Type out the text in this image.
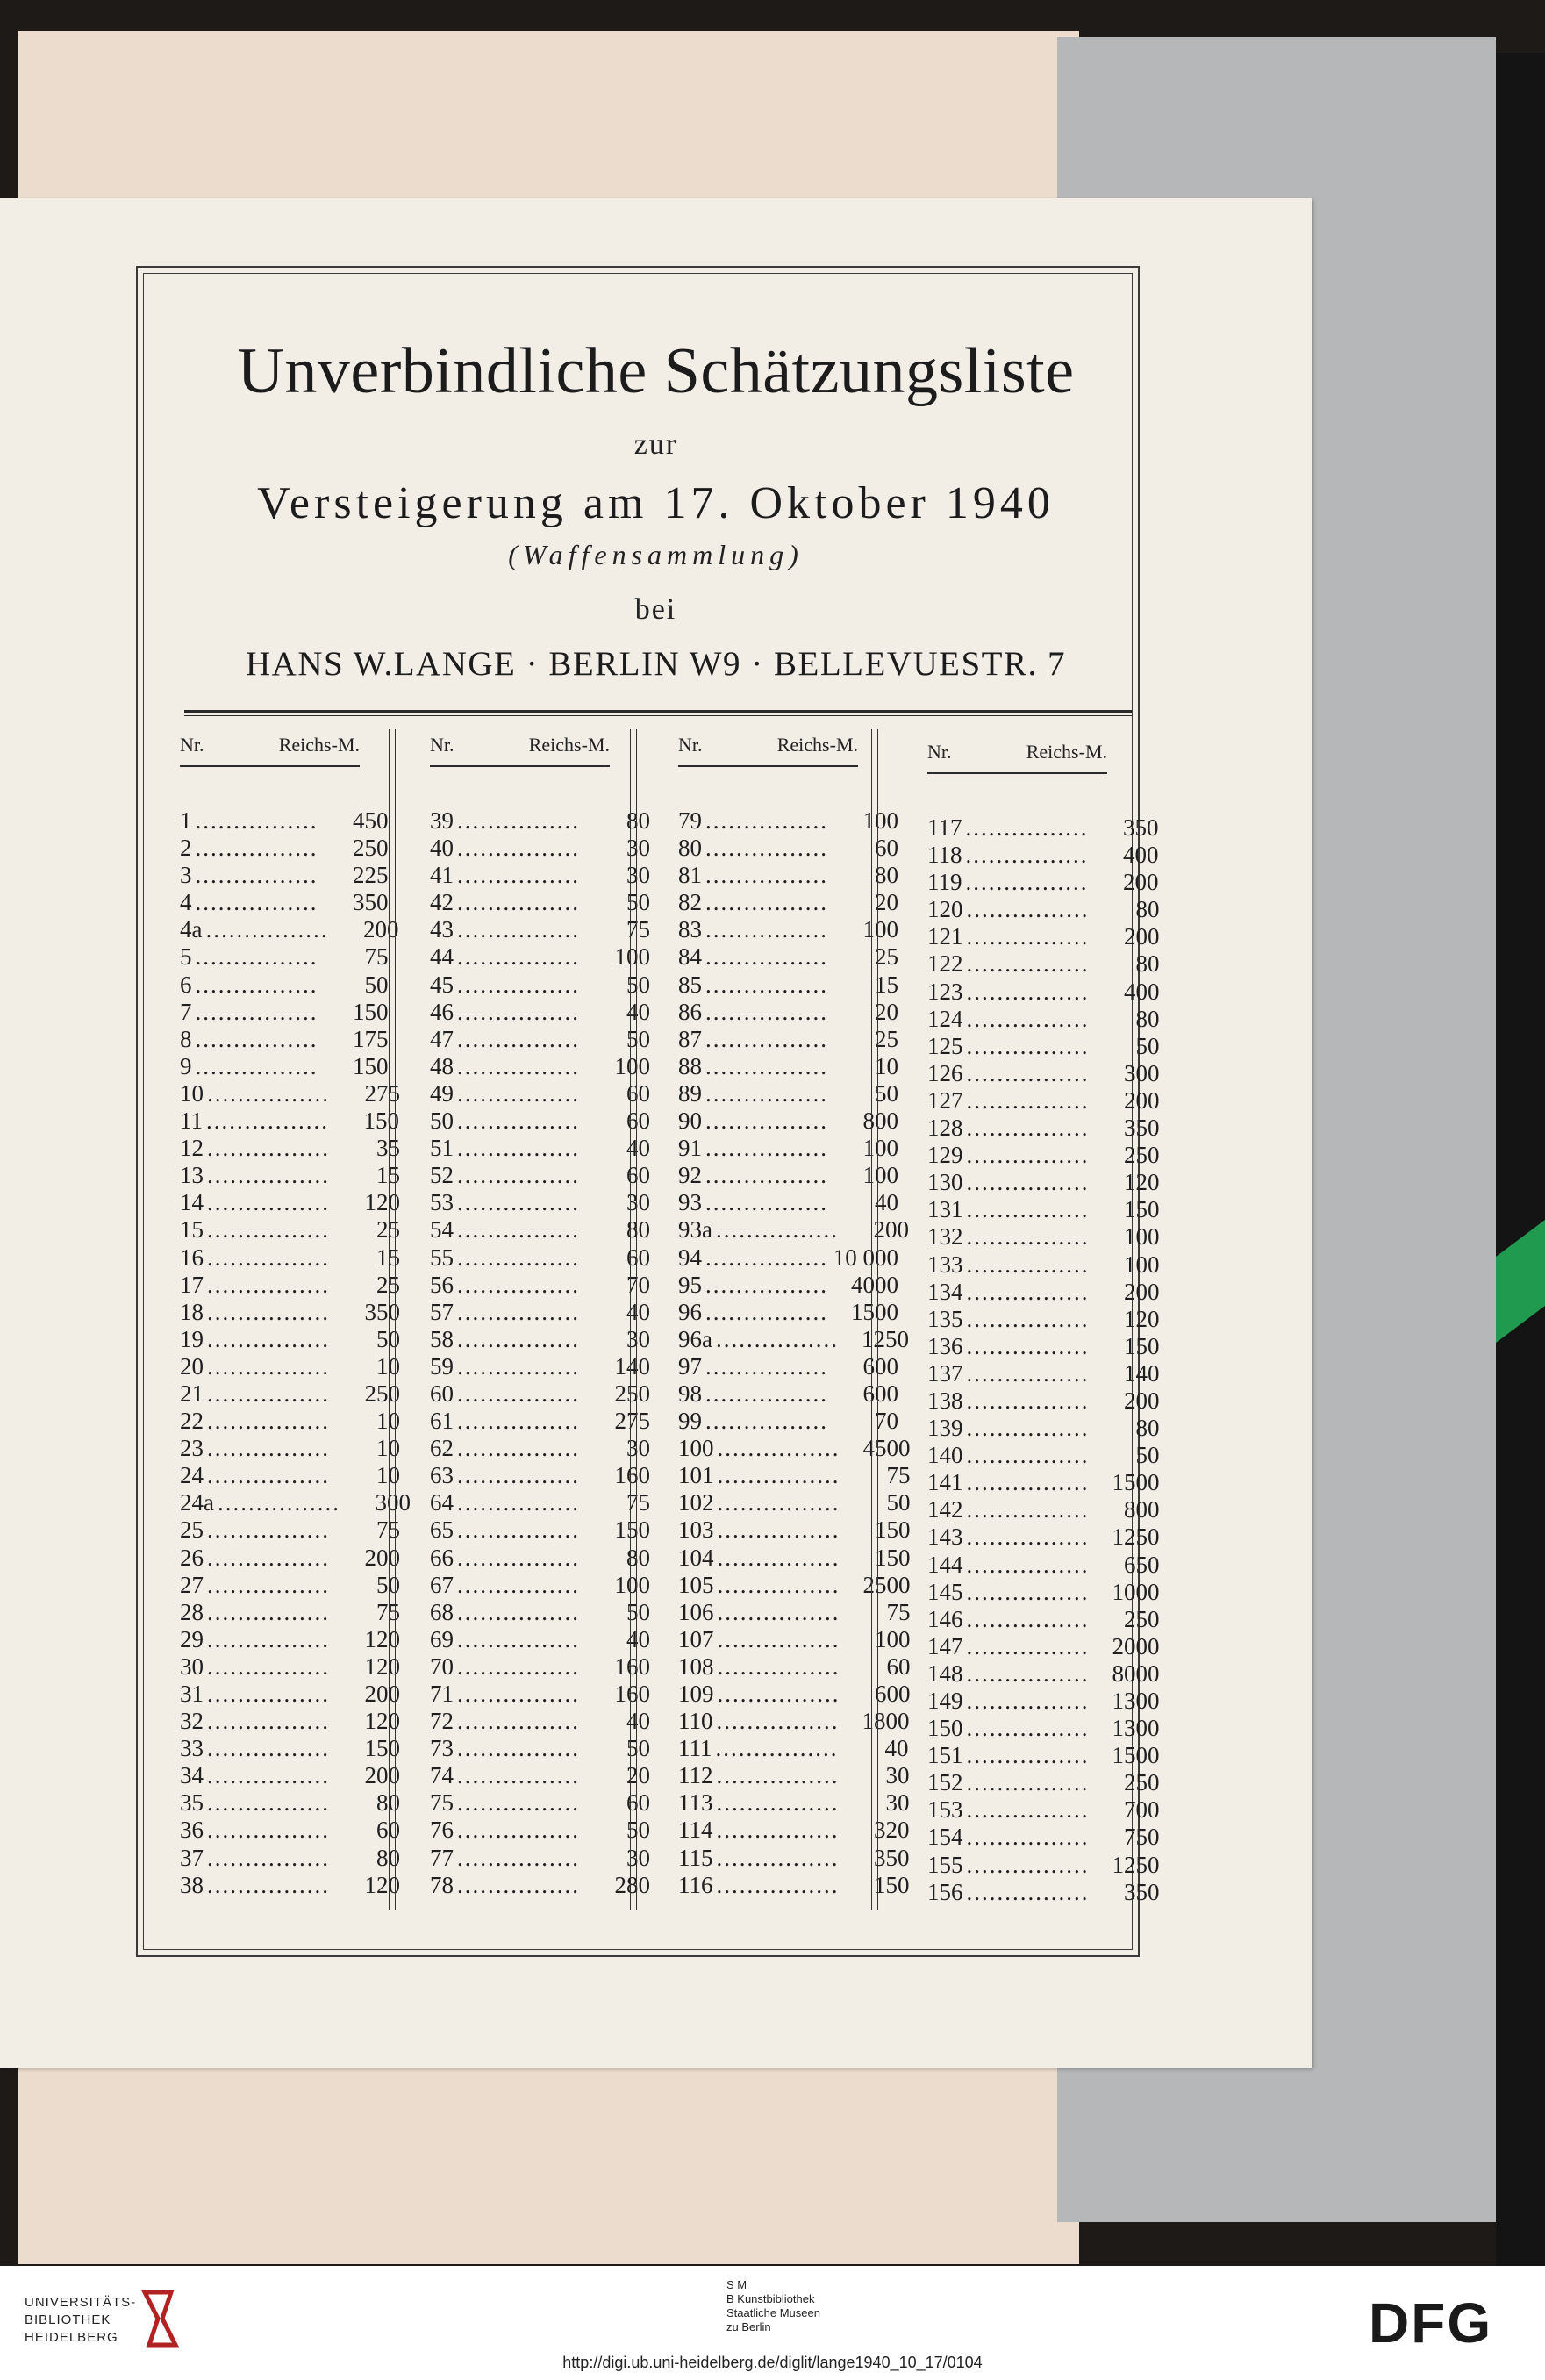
Unverbindliche Schätzungsliste
zur
Versteigerung am 17. Oktober 1940
(Waffensammlung)
bei
HANS W.LANGE · BERLIN W9 · BELLEVUESTR. 7
Nr.	Reichs-M.
1 ................	450
2 ................	250
3 ................	225
4 ................	350
4a ................	200
5 ................	75
6 ................	50
7 ................	150
8 ................	175
9 ................	150
10 ................	275
11 ................	150
12 ................	35
13 ................	15
14 ................	120
15 ................	25
16 ................	15
17 ................	25
18 ................	350
19 ................	50
20 ................	10
21 ................	250
22 ................	10
23 ................	10
24 ................	10
24a ................	300
25 ................	75
26 ................	200
27 ................	50
28 ................	75
29 ................	120
30 ................	120
31 ................	200
32 ................	120
33 ................	150
34 ................	200
35 ................	80
36 ................	60
37 ................	80
38 ................	120
Nr.	Reichs-M.
39 ................	80
40 ................	30
41 ................	30
42 ................	50
43 ................	75
44 ................	100
45 ................	50
46 ................	40
47 ................	50
48 ................	100
49 ................	60
50 ................	60
51 ................	40
52 ................	60
53 ................	30
54 ................	80
55 ................	60
56 ................	70
57 ................	40
58 ................	30
59 ................	140
60 ................	250
61 ................	275
62 ................	30
63 ................	160
64 ................	75
65 ................	150
66 ................	80
67 ................	100
68 ................	50
69 ................	40
70 ................	160
71 ................	160
72 ................	40
73 ................	50
74 ................	20
75 ................	60
76 ................	50
77 ................	30
78 ................	280
Nr.	Reichs-M.
79 ................	100
80 ................	60
81 ................	80
82 ................	20
83 ................	100
84 ................	25
85 ................	15
86 ................	20
87 ................	25
88 ................	10
89 ................	50
90 ................	800
91 ................	100
92 ................	100
93 ................	40
93a ................	200
94 ................ 10 000
95 ................ 4000
96 ................ 1500
96a ................ 1250
97 ................	600
98 ................	600
99 ................	70
100 ................ 4500
101 ................	75
102 ................	50
103 ................	150
104 ................	150
105 ................ 2500
106 ................	75
107 ................	100
108 ................	60
109 ................	600
110 ................ 1800
111 ................	40
112 ................	30
113 ................	30
114 ................	320
115 ................	350
116 ................	150
Nr.	Reichs-M.
117 ................	350
118 ................	400
119 ................	200
120 ................	80
121 ................	200
122 ................	80
123 ................	400
124 ................	80
125 ................	50
126 ................	300
127 ................	200
128 ................	350
129 ................	250
130 ................	120
131 ................	150
132 ................	100
133 ................	100
134 ................	200
135 ................	120
136 ................	150
137 ................	140
138 ................	200
139 ................	80
140 ................	50
141 ................ 1500
142 ................	800
143 ................ 1250
144 ................	650
145 ................ 1000
146 ................	250
147 ................ 2000
148 ................ 8000
149 ................ 1300
150 ................ 1300
151 ................ 1500
152 ................	250
153 ................	700
154 ................	750
155 ................ 1250
156 ................	350
UNIVERSITÄTS-
BIBLIOTHEK
HEIDELBERG
S M
B Kunstbibliothek
Staatliche Museen
zu Berlin	DFG
http://digi.ub.uni-heidelberg.de/diglit/lange1940_10_17/0104
